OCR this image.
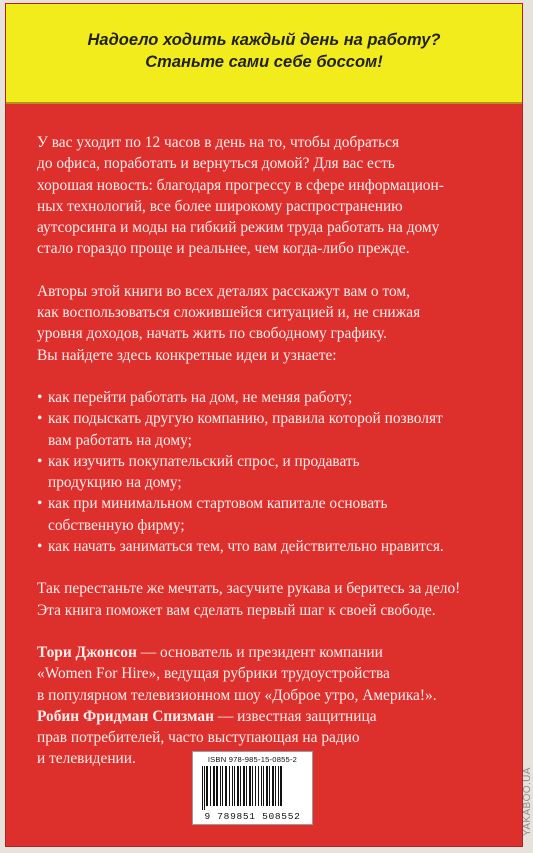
Надоело ходить каждый день на работу?
Станьте сами себе боссом!

У вас уходит по 12 часов в день на то, чтобы добраться

до офиса, поработать и вернуться домой? Для вас есть

хорошая новость: благодаря прогрессу в сфере информацион-

ных технологий, все более широкому распространению

аутсорсинга и моды на гибкий режим труда работать на дому

стало гораздо проще и реальнее, чем когда-либо прежде.

Авторы этой книги во всех деталях расскажут вам о том,

как воспользоваться сложившейся ситуацией и, не снижая

уровня доходов, начать жить по свободному графику.

Вы найдете здесь конкретные идеи и узнаете:

• как перейти работать на дом, не меняя работу;
• как подыскать другую компанию, правила которой позволят
вам работать на дому;
• как изучить покупательский спрос, и продавать
продукцию на дому;
• как при минимальном стартовом капитале основать
собственную фирму;
• как начать заниматься тем, что вам действительно нравится.

Так перестаньте же мечтать, засучите рукава и беритесь за дело!

Эта книга поможет вам сделать первый шаг к своей свободе.

Тори Джонсон — основатель и президент компании

«Women For Hire», ведущая рубрики трудоустройства

в популярном телевизионном шоу «Доброе утро, Америка!».

Робин Фридман Спизман — известная защитница

прав потребителей, часто выступающая на радио

и телевидении.	ISBN 978-985-15-0855-2
9 789851 508552	YAKABOO.UA
